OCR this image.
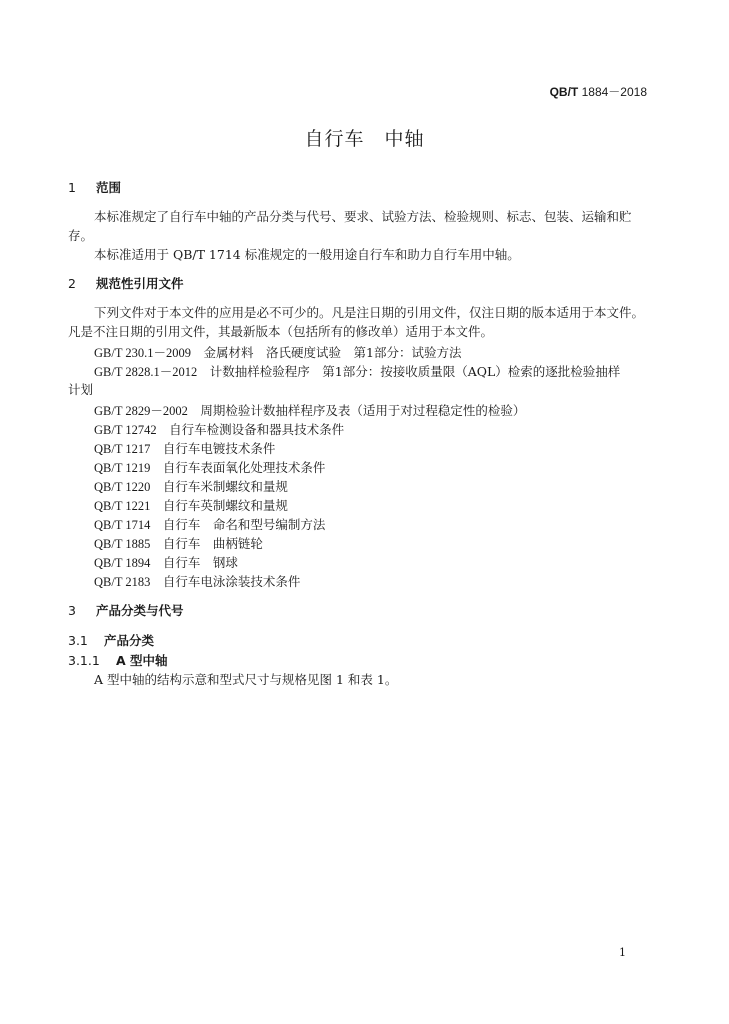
QB/T 1884－2018
自行车　中轴
1 范围
本标准规定了自行车中轴的产品分类与代号、要求、试验方法、检验规则、标志、包装、运输和贮
存。
本标准适用于 QB/T 1714 标准规定的一般用途自行车和助力自行车用中轴。
2 规范性引用文件
下列文件对于本文件的应用是必不可少的。凡是注日期的引用文件，仅注日期的版本适用于本文件。
凡是不注日期的引用文件，其最新版本（包括所有的修改单）适用于本文件。
GB/T 230.1－2009　 金属材料　洛氏硬度试验　第1部分：试验方法
GB/T 2828.1－2012　 计数抽样检验程序　第1部分：按接收质量限（AQL）检索的逐批检验抽样
计划
GB/T 2829－2002　 周期检验计数抽样程序及表（适用于对过程稳定性的检验）
GB/T 12742　 自行车检测设备和器具技术条件
QB/T 1217　 自行车电镀技术条件
QB/T 1219　 自行车表面氧化处理技术条件
QB/T 1220　 自行车米制螺纹和量规
QB/T 1221　 自行车英制螺纹和量规
QB/T 1714　 自行车　命名和型号编制方法
QB/T 1885　 自行车　曲柄链轮
QB/T 1894　 自行车　钢球
QB/T 2183　 自行车电泳涂装技术条件
3 产品分类与代号
3.1 产品分类
3.1.1 A 型中轴
A 型中轴的结构示意和型式尺寸与规格见图 1 和表 1。
1
